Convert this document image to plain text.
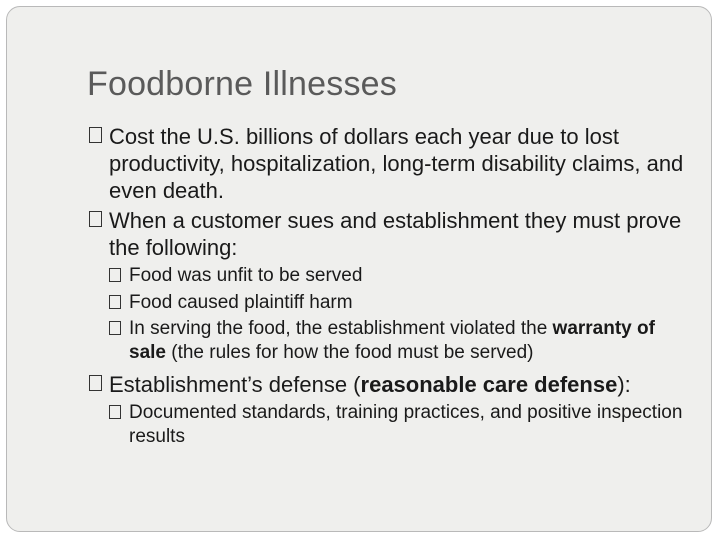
Foodborne Illnesses
Cost the U.S. billions of dollars each year due to lost productivity, hospitalization, long-term disability claims, and even death.
When a customer sues and establishment they must prove the following:
Food was unfit to be served
Food caused plaintiff harm
In serving the food, the establishment violated the warranty of sale (the rules for how the food must be served)
Establishment’s defense (reasonable care defense):
Documented standards, training practices, and positive inspection results
